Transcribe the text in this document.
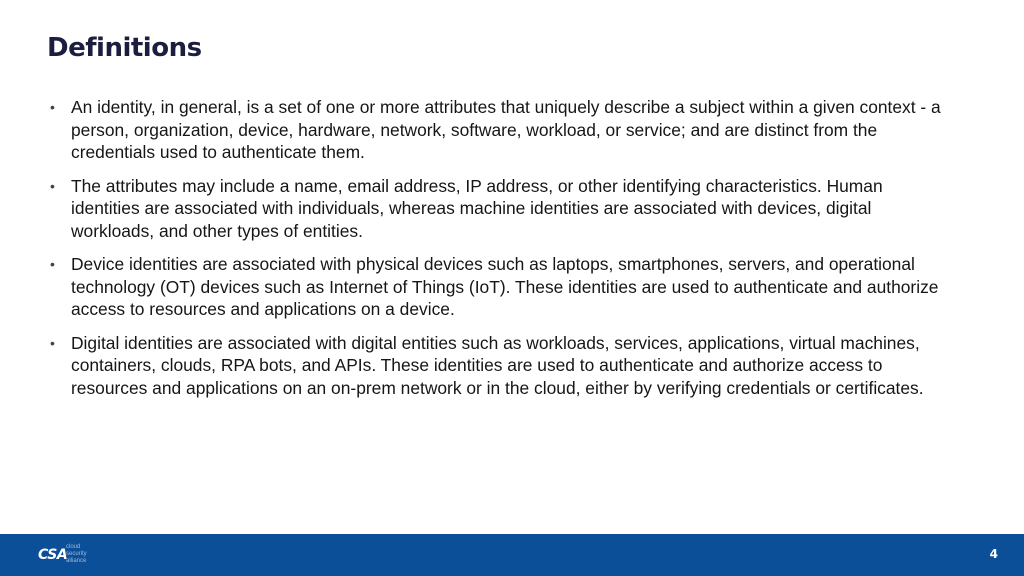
Definitions
• An identity, in general, is a set of one or more attributes that uniquely describe a subject within a given context - a person, organization, device, hardware, network, software, workload, or service; and are distinct from the credentials used to authenticate them.
• The attributes may include a name, email address, IP address, or other identifying characteristics. Human identities are associated with individuals, whereas machine identities are associated with devices, digital workloads, and other types of entities.
• Device identities are associated with physical devices such as laptops, smartphones, servers, and operational technology (OT) devices such as Internet of Things (IoT). These identities are used to authenticate and authorize access to resources and applications on a device.
• Digital identities are associated with digital entities such as workloads, services, applications, virtual machines, containers, clouds, RPA bots, and APIs. These identities are used to authenticate and authorize access to resources and applications on an on-prem network or in the cloud, either by verifying credentials or certificates.
CSA
cloud
security
alliance	4
